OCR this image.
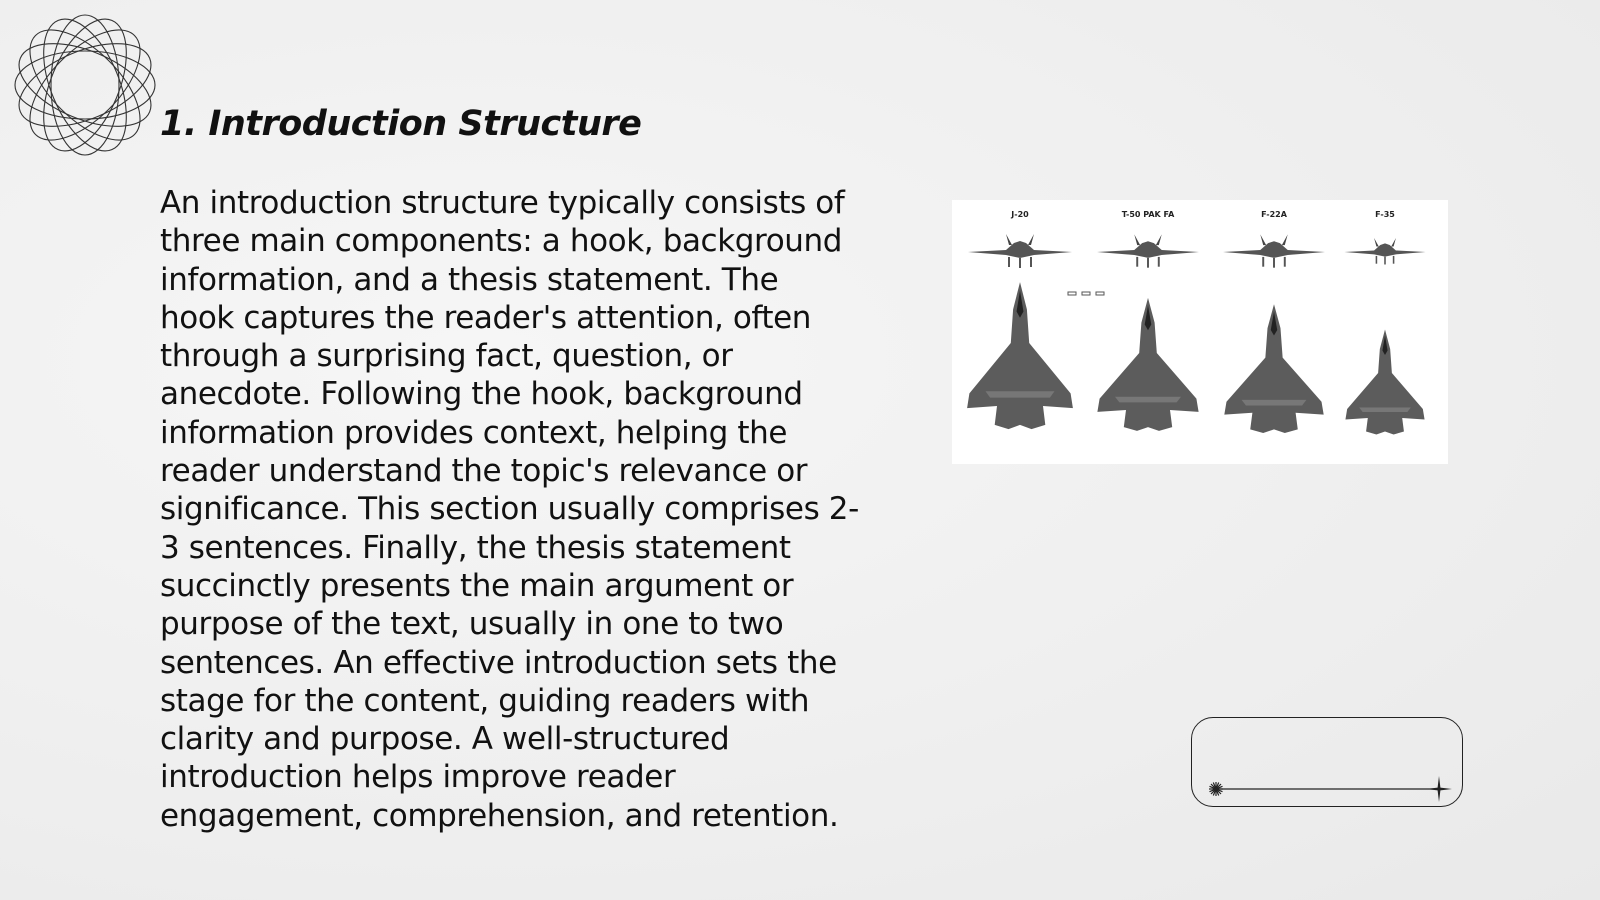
1. Introduction Structure

An introduction structure typically consists of three main components: a hook, background information, and a thesis statement. The hook captures the reader's attention, often through a surprising fact, question, or anecdote. Following the hook, background information provides context, helping the reader understand the topic's relevance or significance. This section usually comprises 2-3 sentences. Finally, the thesis statement succinctly presents the main argument or purpose of the text, usually in one to two sentences. An effective introduction sets the stage for the content, guiding readers with clarity and purpose. A well-structured introduction helps improve reader engagement, comprehension, and retention.

J-20	T-50 PAK FA	F-22A	F-35
